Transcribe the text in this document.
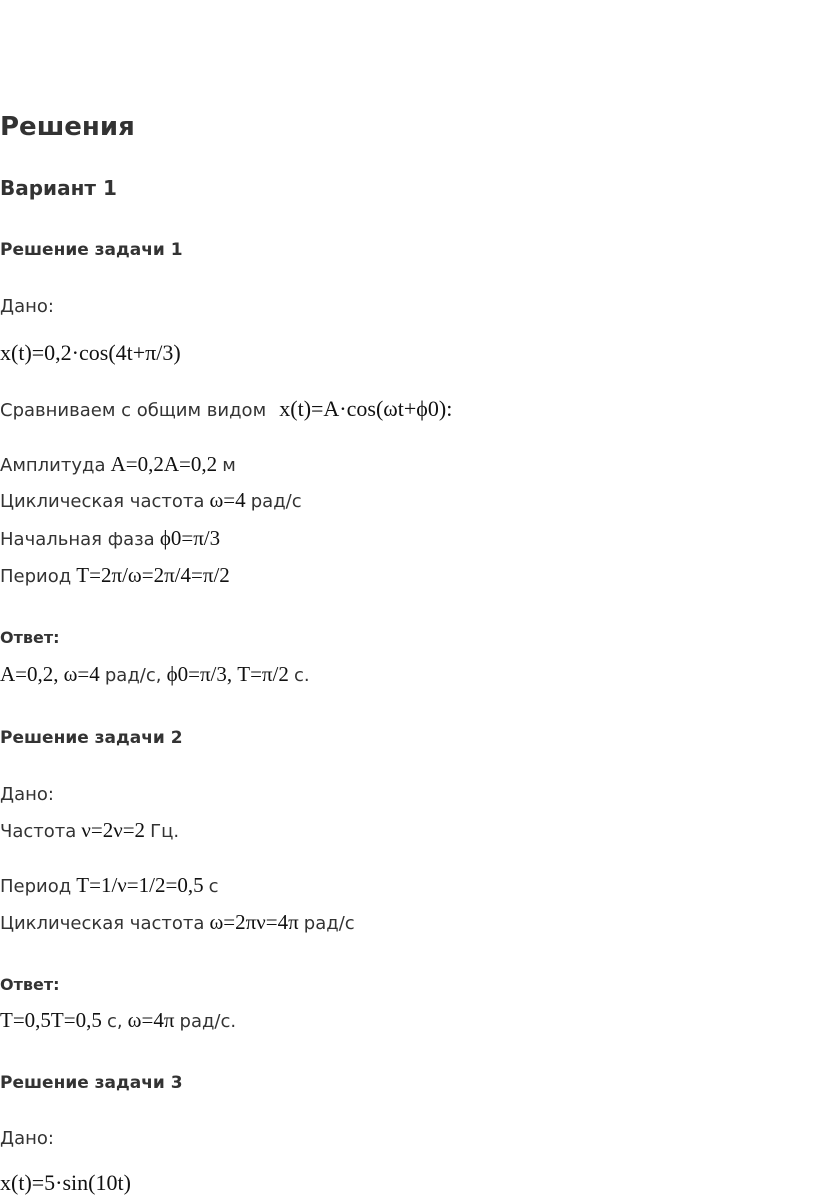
Решения
Вариант 1
Решение задачи 1
Дано:
x(t)=0,2·cos(4t+π/3)
Сравниваем с общим видом x(t)=A·cos(ωt+ϕ0):
Амплитуда A=0,2A=0,2 м
Циклическая частота ω=4 рад/с
Начальная фаза ϕ0=π/3
Период T=2π/ω=2π/4=π/2
Ответ:
A=0,2, ω=4 рад/с, ϕ0=π/3, T=π/2 с.
Решение задачи 2
Дано:
Частота ν=2ν=2 Гц.
Период T=1/ν=1/2=0,5 с
Циклическая частота ω=2πν=4π рад/с
Ответ:
T=0,5T=0,5 с, ω=4π рад/с.
Решение задачи 3
Дано:
x(t)=5·sin(10t)
